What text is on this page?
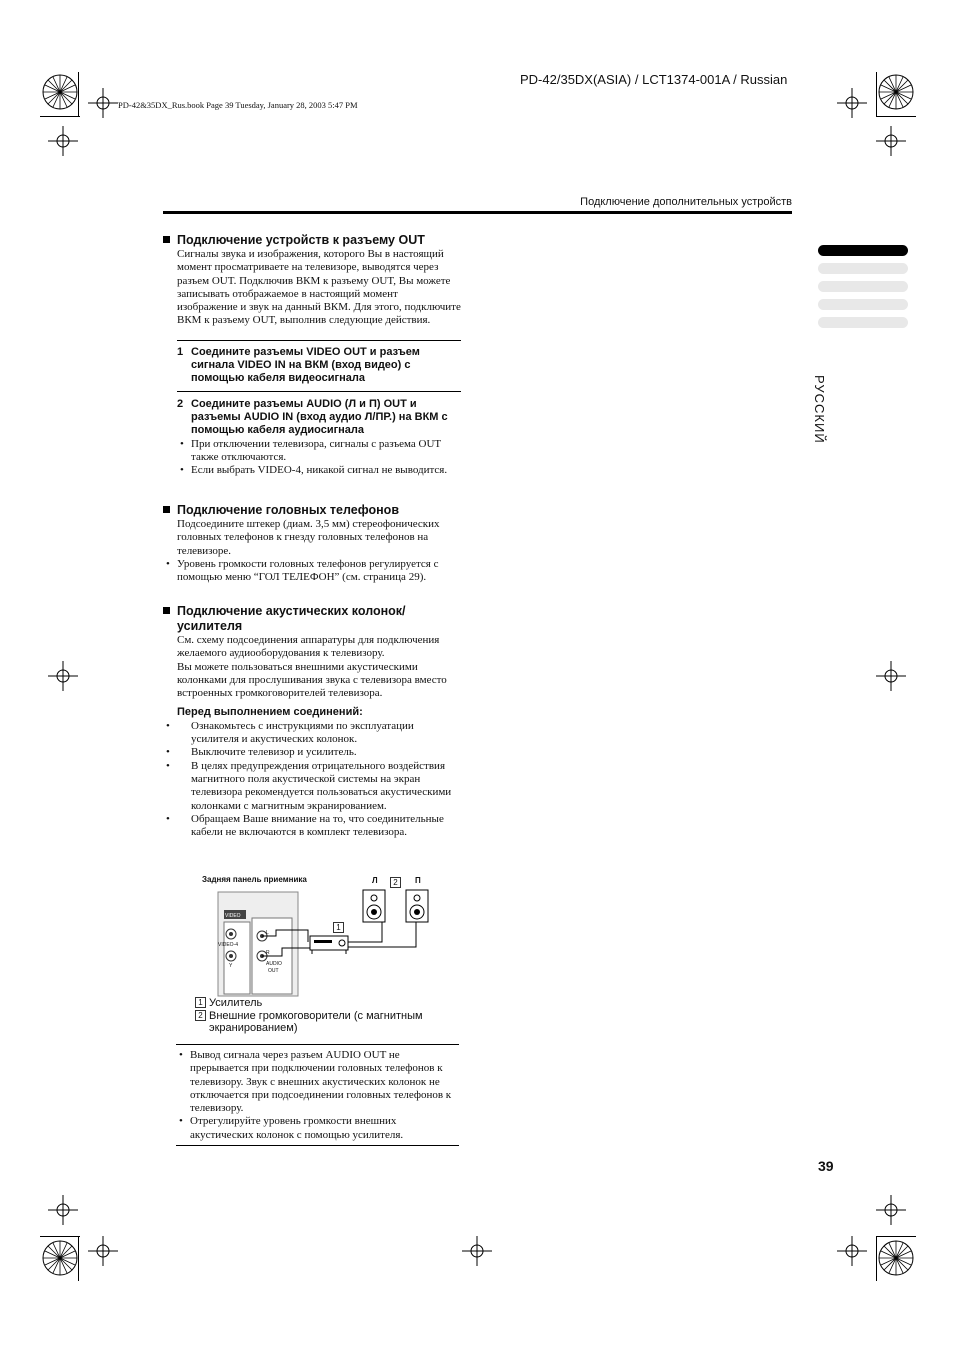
PD-42/35DX(ASIA) / LCT1374-001A / Russian
PD-42&35DX_Rus.book Page 39 Tuesday, January 28, 2003 5:47 PM
Подключение дополнительных устройств
РУССКИЙ
Подключение устройств к разъему OUT

Сигналы звука и изображения, которого Вы в настоящий момент просматриваете на телевизоре, выводятся через разъем OUT. Подключив ВКМ к разъему OUT, Вы можете записывать отображаемое в настоящий момент изображение и звук на данный ВКМ. Для этого, подключите ВКМ к разъему OUT, выполнив следующие действия.

1 Соедините разъемы VIDEO OUT и разъем сигнала VIDEO IN на ВКМ (вход видео) с помощью кабеля видеосигнала
2 Соедините разъемы AUDIO (Л и П) OUT и разъемы AUDIO IN (вход аудио Л/ПР.) на ВКМ с помощью кабеля аудиосигнала
• При отключении телевизора, сигналы с разъема OUT также отключаются.
• Если выбрать VIDEO-4, никакой сигнал не выводится.
Подключение головных телефонов

Подсоедините штекер (диам. 3,5 мм) стереофонических головных телефонов к гнезду головных телефонов на телевизоре.

• Уровень громкости головных телефонов регулируется с помощью меню “ГОЛ ТЕЛЕФОН” (см. страница 29).
Подключение акустических колонок/
усилителя

См. схему подсоединения аппаратуры для подключения желаемого аудиооборудования к телевизору.

Вы можете пользоваться внешними акустическими колонками для прослушивания звука с телевизора вместо встроенных громкоговорителей телевизора.

Перед выполнением соединений:
• Ознакомьтесь с инструкциями по эксплуатации усилителя и акустических колонок.
• Выключите телевизор и усилитель.
• В целях предупреждения отрицательного воздействия магнитного поля акустической системы на экран телевизора рекомендуется пользоваться акустическими колонками с магнитным экранированием.
• Обращаем Ваше внимание на то, что соединительные кабели не включаются в комплект телевизора.
Задняя панель приемника	Л	2	П
1
VIDEO
VIDEO-4
Y
L
R
AUDIO
OUT
1 Усилитель
2 Внешние громкоговорители (с магнитным экранированием)
• Вывод сигнала через разъем AUDIO OUT не прерывается при подключении головных телефонов к телевизору. Звук с внешних акустических колонок не отключается при подсоединении головных телефонов к телевизору.
• Отрегулируйте уровень громкости внешних акустических колонок с помощью усилителя.
39
